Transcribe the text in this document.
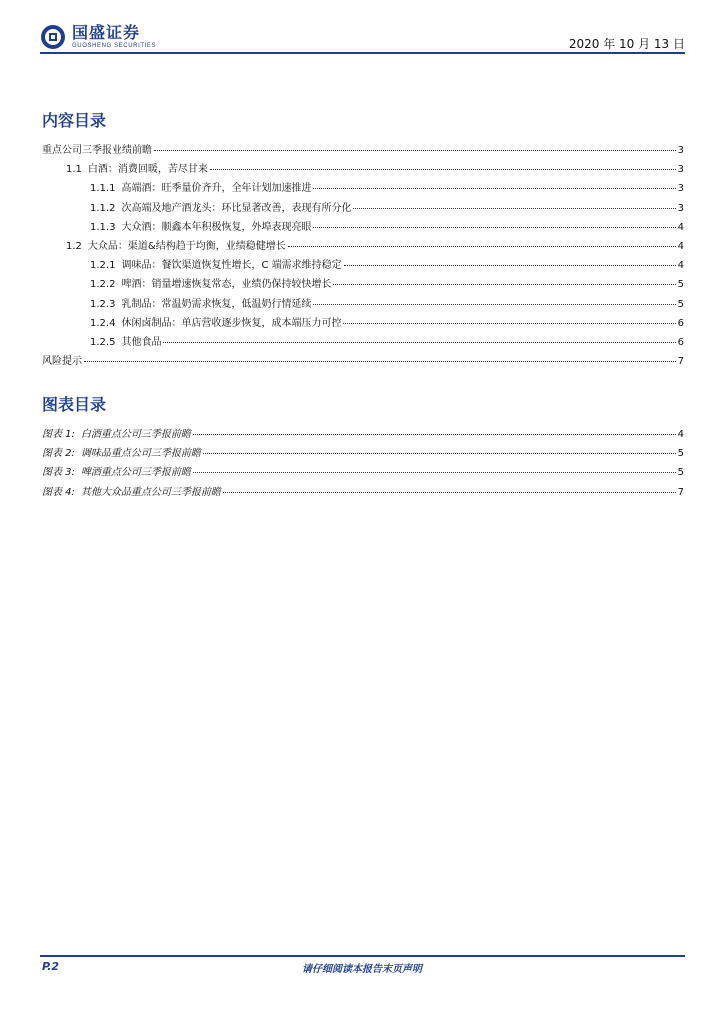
国盛证券
GUOSHENG SECURITIES	2020 年 10 月 13 日
内容目录
重点公司三季报业绩前瞻	3
1.1 白酒：消费回暖，苦尽甘来	3
1.1.1 高端酒：旺季量价齐升，全年计划加速推进	3
1.1.2 次高端及地产酒龙头：环比显著改善，表现有所分化	3
1.1.3 大众酒：顺鑫本年积极恢复，外埠表现亮眼	4
1.2 大众品：渠道&结构趋于均衡，业绩稳健增长	4
1.2.1 调味品：餐饮渠道恢复性增长，C 端需求维持稳定	4
1.2.2 啤酒：销量增速恢复常态，业绩仍保持较快增长	5
1.2.3 乳制品：常温奶需求恢复，低温奶行情延续	5
1.2.4 休闲卤制品：单店营收逐步恢复，成本端压力可控	6
1.2.5 其他食品	6
风险提示	7
图表目录
图表 1: 白酒重点公司三季报前瞻	4
图表 2: 调味品重点公司三季报前瞻	5
图表 3: 啤酒重点公司三季报前瞻	5
图表 4: 其他大众品重点公司三季报前瞻	7
P.2	请仔细阅读本报告末页声明
